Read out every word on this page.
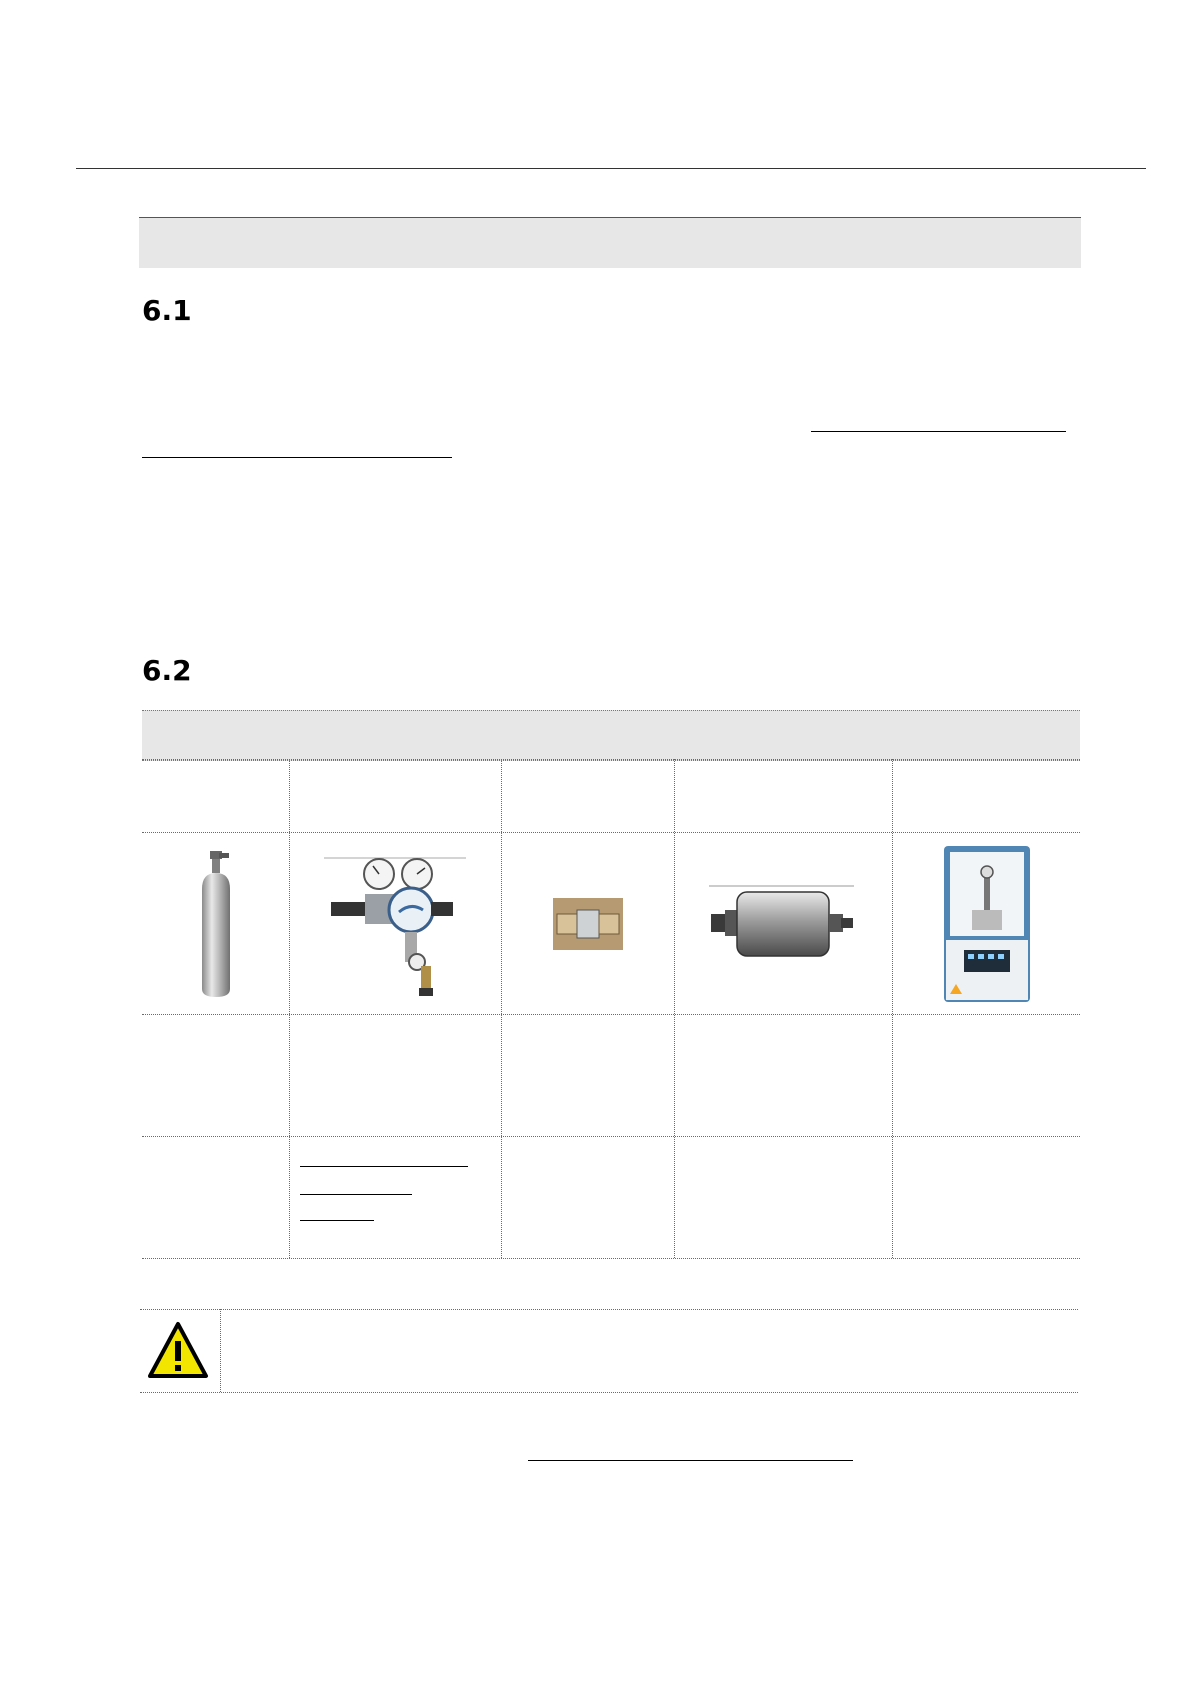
6.1
6.2
